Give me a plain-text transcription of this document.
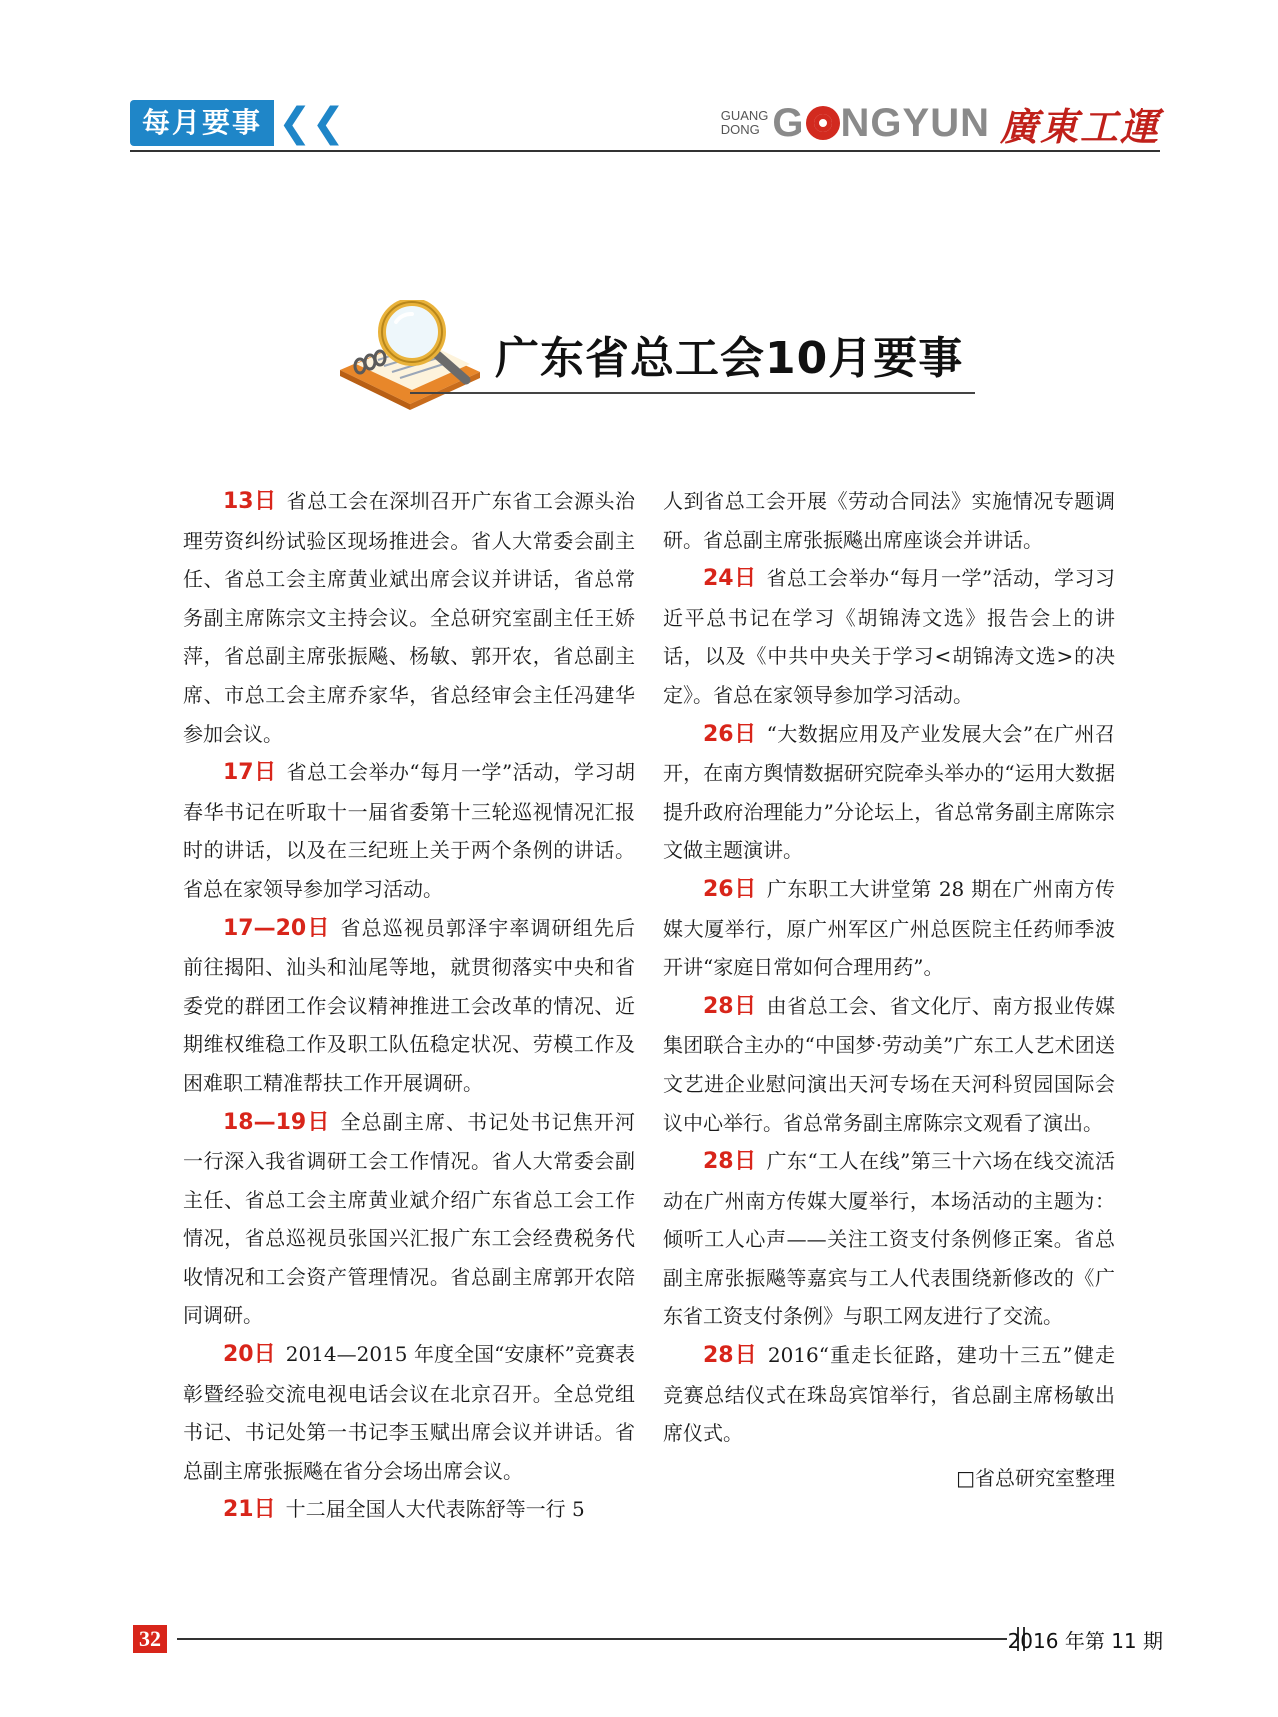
每月要事 ❮❮	GUANG
DONG G NGYUN 廣東工運
广东省总工会10月要事

13日 省总工会在深圳召开广东省工会源头治理劳资纠纷试验区现场推进会。省人大常委会副主任、省总工会主席黄业斌出席会议并讲话，省总常务副主席陈宗文主持会议。全总研究室副主任王娇萍，省总副主席张振飚、杨敏、郭开农，省总副主席、市总工会主席乔家华，省总经审会主任冯建华参加会议。

17日 省总工会举办“每月一学”活动，学习胡春华书记在听取十一届省委第十三轮巡视情况汇报时的讲话，以及在三纪班上关于两个条例的讲话。省总在家领导参加学习活动。

17—20日 省总巡视员郭泽宇率调研组先后前往揭阳、汕头和汕尾等地，就贯彻落实中央和省委党的群团工作会议精神推进工会改革的情况、近期维权维稳工作及职工队伍稳定状况、劳模工作及困难职工精准帮扶工作开展调研。

18—19日 全总副主席、书记处书记焦开河一行深入我省调研工会工作情况。省人大常委会副主任、省总工会主席黄业斌介绍广东省总工会工作情况，省总巡视员张国兴汇报广东工会经费税务代收情况和工会资产管理情况。省总副主席郭开农陪同调研。

20日 2014—2015 年度全国“安康杯”竞赛表彰暨经验交流电视电话会议在北京召开。全总党组书记、书记处第一书记李玉赋出席会议并讲话。省总副主席张振飚在省分会场出席会议。

21日 十二届全国人大代表陈舒等一行 5

人到省总工会开展《劳动合同法》实施情况专题调研。省总副主席张振飚出席座谈会并讲话。

24日 省总工会举办“每月一学”活动，学习习近平总书记在学习《胡锦涛文选》报告会上的讲话，以及《中共中央关于学习<胡锦涛文选>的决定》。省总在家领导参加学习活动。

26日 “大数据应用及产业发展大会”在广州召开，在南方舆情数据研究院牵头举办的“运用大数据提升政府治理能力”分论坛上，省总常务副主席陈宗文做主题演讲。

26日 广东职工大讲堂第 28 期在广州南方传媒大厦举行，原广州军区广州总医院主任药师季波开讲“家庭日常如何合理用药”。

28日 由省总工会、省文化厅、南方报业传媒集团联合主办的“中国梦·劳动美”广东工人艺术团送文艺进企业慰问演出天河专场在天河科贸园国际会议中心举行。省总常务副主席陈宗文观看了演出。

28日 广东“工人在线”第三十六场在线交流活动在广州南方传媒大厦举行，本场活动的主题为：倾听工人心声——关注工资支付条例修正案。省总副主席张振飚等嘉宾与工人代表围绕新修改的《广东省工资支付条例》与职工网友进行了交流。

28日 2016“重走长征路，建功十三五”健走竞赛总结仪式在珠岛宾馆举行，省总副主席杨敏出席仪式。

□省总研究室整理
32	2016 年第 11 期
